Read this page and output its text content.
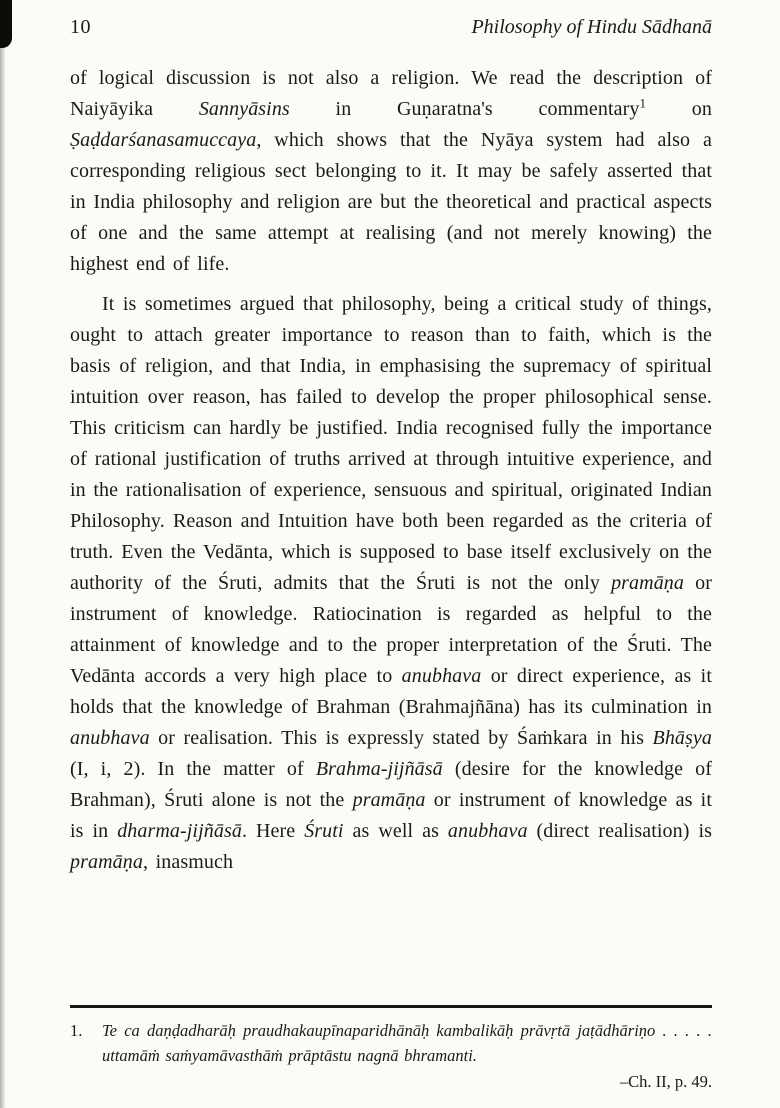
10	Philosophy of Hindu Sādhanā

of logical discussion is not also a religion. We read the description of Naiyāyika Sannyāsins in Guṇaratna's commentary$^1$ on Ṣaḍdarśanasamuccaya, which shows that the Nyāya system had also a corresponding religious sect belonging to it. It may be safely asserted that in India philosophy and religion are but the theoretical and practical aspects of one and the same attempt at realising (and not merely knowing) the highest end of life.

It is sometimes argued that philosophy, being a critical study of things, ought to attach greater importance to reason than to faith, which is the basis of religion, and that India, in emphasising the supremacy of spiritual intuition over reason, has failed to develop the proper philosophical sense. This criticism can hardly be justified. India recognised fully the importance of rational justification of truths arrived at through intuitive experience, and in the rationalisation of experience, sensuous and spiritual, originated Indian Philosophy. Reason and Intuition have both been regarded as the criteria of truth. Even the Vedānta, which is supposed to base itself exclusively on the authority of the Śruti, admits that the Śruti is not the only pramāṇa or instrument of knowledge. Ratiocination is regarded as helpful to the attainment of knowledge and to the proper interpretation of the Śruti. The Vedānta accords a very high place to anubhava or direct experience, as it holds that the knowledge of Brahman (Brahmajñāna) has its culmination in anubhava or realisation. This is expressly stated by Śaṁkara in his Bhāṣya (I, i, 2). In the matter of Brahma-jijñāsā (desire for the knowledge of Brahman), Śruti alone is not the pramāṇa or instrument of knowledge as it is in dharma-jijñāsā. Here Śruti as well as anubhava (direct realisation) is pramāṇa, inasmuch

1.	Te ca daṇḍadharāḥ praudhakaupīnaparidhānāḥ kambalikāḥ prāvṛtā jaṭādhāriṇo . . . . . uttamāṁ saṁyamāvasthāṁ prāptāstu nagnā bhramanti.
–Ch. II, p. 49.
